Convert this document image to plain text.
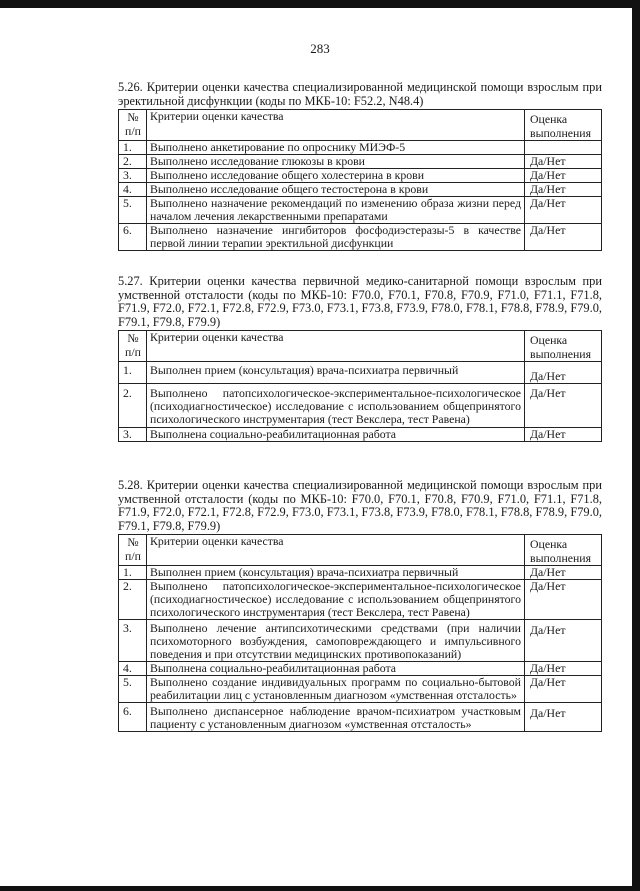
283

5.26. Критерии оценки качества специализированной медицинской помощи взрослым при эректильной дисфункции (коды по МКБ-10: F52.2, N48.4)

№ п/п	Критерии оценки качества	Оценка выполнения
1.	Выполнено анкетирование по опроснику МИЭФ-5	
2.	Выполнено исследование глюкозы в крови	Да/Нет
3.	Выполнено исследование общего холестерина в крови	Да/Нет
4.	Выполнено исследование общего тестостерона в крови	Да/Нет
5.	Выполнено назначение рекомендаций по изменению образа жизни перед началом лечения лекарственными препаратами	Да/Нет
6.	Выполнено назначение ингибиторов фосфодиэстеразы-5 в качестве первой линии терапии эректильной дисфункции	Да/Нет

5.27. Критерии оценки качества первичной медико-санитарной помощи взрослым при умственной отсталости (коды по МКБ-10: F70.0, F70.1, F70.8, F70.9, F71.0, F71.1, F71.8, F71.9, F72.0, F72.1, F72.8, F72.9, F73.0, F73.1, F73.8, F73.9, F78.0, F78.1, F78.8, F78.9, F79.0, F79.1, F79.8, F79.9)

№ п/п	Критерии оценки качества	Оценка выполнения
1.	Выполнен прием (консультация) врача-психиатра первичный	Да/Нет
2.	Выполнено патопсихологическое-экспериментальное-психологическое (психодиагностическое) исследование с использованием общепринятого психологического инструментария (тест Векслера, тест Равена)	Да/Нет
3.	Выполнена социально-реабилитационная работа	Да/Нет

5.28. Критерии оценки качества специализированной медицинской помощи взрослым при умственной отсталости (коды по МКБ-10: F70.0, F70.1, F70.8, F70.9, F71.0, F71.1, F71.8, F71.9, F72.0, F72.1, F72.8, F72.9, F73.0, F73.1, F73.8, F73.9, F78.0, F78.1, F78.8, F78.9, F79.0, F79.1, F79.8, F79.9)

№ п/п	Критерии оценки качества	Оценка выполнения
1.	Выполнен прием (консультация) врача-психиатра первичный	Да/Нет
2.	Выполнено патопсихологическое-экспериментальное-психологическое (психодиагностическое) исследование с использованием общепринятого психологического инструментария (тест Векслера, тест Равена)	Да/Нет
3.	Выполнено лечение антипсихотическими средствами (при наличии психомоторного возбуждения, самоповреждающего и импульсивного поведения и при отсутствии медицинских противопоказаний)	Да/Нет
4.	Выполнена социально-реабилитационная работа	Да/Нет
5.	Выполнено создание индивидуальных программ по социально-бытовой реабилитации лиц с установленным диагнозом «умственная отсталость»	Да/Нет
6.	Выполнено диспансерное наблюдение врачом-психиатром участковым пациенту с установленным диагнозом «умственная отсталость»	Да/Нет
